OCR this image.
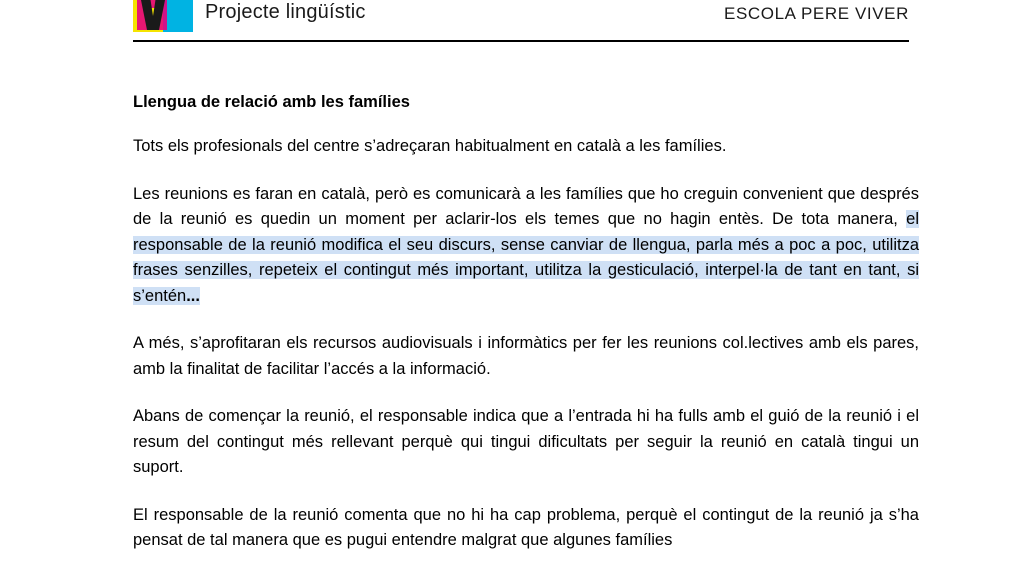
Projecte lingüístic	ESCOLA PERE VIVER
Llengua de relació amb les famílies

Tots els profesionals del centre s’adreçaran habitualment en català a les famílies.

Les reunions es faran en català, però es comunicarà a les famílies que ho creguin convenient que després de la reunió es quedin un moment per aclarir-los els temes que no hagin entès. De tota manera, el responsable de la reunió modifica el seu discurs, sense canviar de llengua, parla més a poc a poc, utilitza frases senzilles, repeteix el contingut més important, utilitza la gesticulació, interpel·la de tant en tant, si s’entén...

A més, s’aprofitaran els recursos audiovisuals i informàtics per fer les reunions col.lectives amb els pares, amb la finalitat de facilitar l’accés a la informació.

Abans de començar la reunió, el responsable indica que a l’entrada hi ha fulls amb el guió de la reunió i el resum del contingut més rellevant perquè qui tingui dificultats per seguir la reunió en català tingui un suport.

El responsable de la reunió comenta que no hi ha cap problema, perquè el contingut de la reunió ja s’ha pensat de tal manera que es pugui entendre malgrat que algunes famílies
